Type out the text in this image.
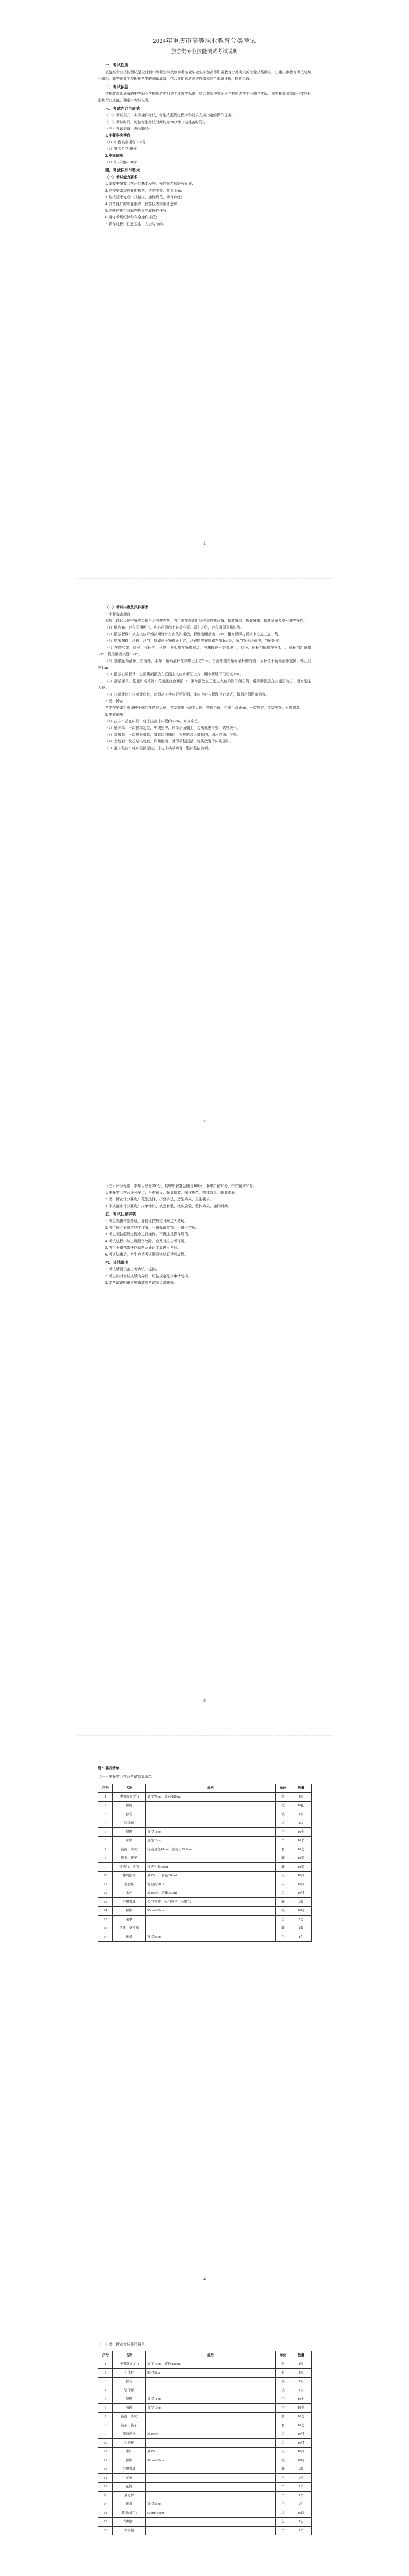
2024年重庆市高等职业教育分类考试
旅游类专业技能测试考试说明

一、考试性质

旅游类专业技能测试是全日制中等职业学校旅游类专业毕业生参加高等职业教育分类考试的专业技能测试，由重庆市教育考试院统一组织，高等职业学校根据考生的测试成绩，结合文化素质测试成绩和综合素质评价，择优录取。

二、考试依据

依据教育部颁布的中等职业学校旅游类相关专业教学标准，结合我市中等职业学校旅游类专业教学实际，参照相关国家职业技能标准和行业规范，确定本考试说明。

三、考试内容与形式

（一）考试形式：实际操作考试，考生按照规定程序和要求完成指定的操作任务。

（二）考试时间：每位考生考试时间约为20分钟（含准备时间）。

（三）考试分值：满分200分。

1. 中餐宴会摆台

（1）中餐宴会摆台 100分

（2）餐巾折花 50分

2. 中式铺床

（1）中式铺床 50分

四、考试标准与要求

（一）考试能力要求

1. 掌握中餐宴会摆台的基本程序、操作规范和服务标准；

2. 能按要求完成餐巾折花，造型美观、寓意明确；

3. 能按要求完成中式铺床，操作规范、动作熟练；

4. 具备良好的职业素养、仪容仪表和服务意识；

5. 能够在规定时间内独立完成操作任务；

6. 遵守考场纪律和安全操作规范；

7. 操作过程中注意卫生、安全与节约。

1

（二）考试内容及具体要求

1. 中餐宴会摆台

本项目以10人位中餐宴会摆台为考核内容，考生需在规定时间内完成铺台布、摆放餐具、折叠餐巾、摆放菜单及桌号牌等操作。

（1）铺台布：台布正面朝上，中心凸缝向上并对准正、副主人位，台布四周下垂均等。

（2）摆放餐碟：从主人位开始按顺时针方向依次摆放，餐碟边距桌边1.5cm，相对餐碟与餐桌中心点三点一线。

（3）摆放味碟、汤碗、汤勺：味碟位于餐碟正上方，汤碗摆放在味碟左侧1cm处，汤勺置于汤碗中，勺柄朝左。

（4）摆放筷架、筷子、长柄勺、牙签：筷架摆在餐碟右边，与味碟在一条直线上，筷子、长柄勺搁摆在筷架上，长柄勺距餐碟3cm，筷尾距餐桌沿1.5cm。

（5）摆放葡萄酒杯、白酒杯、水杯：葡萄酒杯在味碟正上方2cm，白酒杯摆在葡萄酒杯的右侧，水杯位于葡萄酒杯左侧，杯肚间隔1cm。

（6）摆放公用餐具：公用筷架摆放在正副主人位水杯正上方，距水杯肚下沿切点3cm。

（7）摆放菜单、花瓶和桌号牌：花瓶摆在台面正中，菜单摆放在正副主人位的筷子架右侧，桌号牌摆放在花瓶正前方、面对副主人位。

（8）拉椅让座：拉椅让座时，座椅从主宾位开始拉椅，座位中心与餐碟中心对齐，餐椅之间距离均等。

2. 餐巾折花

考生按要求折叠10种不同的杯花或盘花，花型突出正副主人位，整体协调，折叠手法正确、一次成型，造型美观、形象逼真。

3. 中式铺床

（1）拉床：站在床尾，将床拉离床头板约50cm，对齐床垫。

（2）铺床单：一次抛单定位，中线居中，床单正面朝上，包角紧密平整，式样统一。

（3）套被套：一次抛开被套，被套口向床尾，将被芯装入被套内，四角饱满、平整。

（4）套枕套：枕芯装入枕套，四角饱满、外形平整挺括，枕头放置于床头居中。

（5）推床复位：将床推回原位，床与床头板吻合，整体整洁美观。

2

（三）评分标准：本项目总分200分，其中中餐宴会摆台100分，餐巾折花50分，中式铺床50分。

1. 中餐宴会摆台评分要点：台布铺设、餐具摆放、操作规范、整体效果、职业素养。

2. 餐巾折花评分要点：花型选择、折叠手法、造型效果、卫生要求。

3. 中式铺床评分要点：床单铺设、被套套装、枕头放置、整体效果、操作时间。

五、考试注意事项

1. 考生须携带准考证、身份证按规定时间进入考场。

2. 考生须穿着整洁的工作服，不得佩戴首饰，不得化浓妆。

3. 考生须按照规定程序进行操作，不得违反操作规范。

4. 考试过程中如出现设备故障，应及时报告考评员。

5. 考生不得携带任何资料及通讯工具进入考场。

6. 考试结束后，考生应将考试器具恢复原状后离场。

六、其他说明

1. 考试所需设备由考点统一提供。

2. 考生如对考试成绩有异议，可按规定程序申请复核。

3. 本考试说明由重庆市教育考试院负责解释。

3
附：器具清单
（一）中餐宴会摆台考试器具清单
序号	名称	规格	单位	数量
1	中餐圆桌(台)	高度76cm，直径180cm	张	1张
2	餐椅		把	10把
3	台布		块	1块
4	装饰布		块	1块
5	餐碟	直径18cm	个	10个
6	味碟	直径10cm	个	10个
7	汤碗、汤勺	汤碗直径10cm；汤勺长13.5cm	套	10套
8	筷架、筷子		套	10套
9	长柄勺、牙签	长柄勺长20cm	套	10套
10	葡萄酒杯	高15cm，容量200ml	只	10只
11	白酒杯	容量约30ml	只	10只
12	水杯	高15cm，容量350ml	只	10只
13	公用餐具	公用筷架、公用筷子、公用勺	套	2套
14	餐巾	50cm×50cm	块	10块
15	菜单		份	2份
16	花瓶、桌号牌		套	1套
17	托盘	直径35cm	个	1个
4
（二）餐巾折花考试器具清单
序号	名称	规格	单位	数量
1	中餐圆桌(台)	高度76cm，直径180cm	张	1张
2	工作台	90×70cm	张	1张
3	台布		块	1块
4	装饰布		块	1块
5	餐碟	直径18cm	个	10个
6	味碟	直径10cm	个	10个
7	汤碗、汤勺		套	10套
8	筷架、筷子		套	10套
9	葡萄酒杯	高15cm	只	10只
10	白酒杯		只	10只
11	水杯	高15cm	只	10只
12	餐巾	50cm×50cm	块	10块
13	公用餐具		套	2套
14	菜单		份	2份
15	花瓶		个	1个
16	桌号牌		个	1个
17	托盘	直径35cm	个	2个
18	餐巾(备用)	50cm×50cm	块	10块
19	消毒湿巾		包	1包
20	垃圾桶		个	1个
